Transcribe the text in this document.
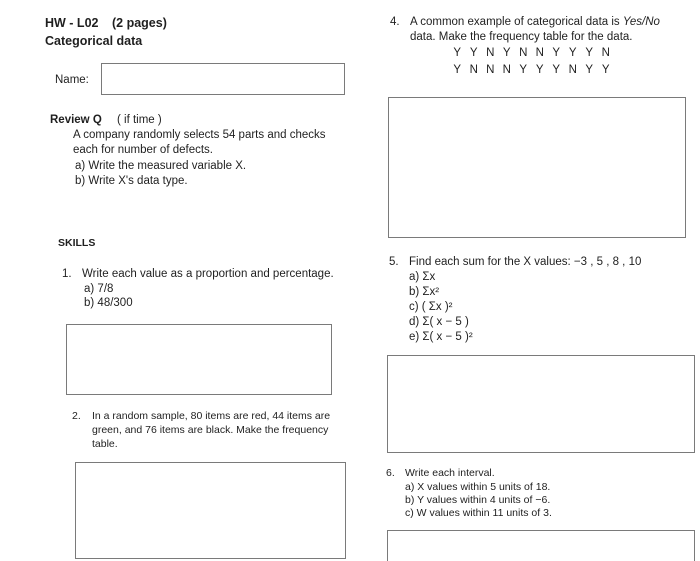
HW - L02 (2 pages)
Categorical data
Name:
Review Q ( if time )
A company randomly selects 54 parts and checks
each for number of defects.
a) Write the measured variable X.
b) Write X's data type.
SKILLS
1. Write each value as a proportion and percentage.
a) 7/8
b) 48/300
2. In a random sample, 80 items are red, 44 items are
green, and 76 items are black. Make the frequency
table.
4. A common example of categorical data is Yes/No
data. Make the frequency table for the data.
Y Y N Y N N Y Y Y N
Y N N N Y Y Y N Y Y
5. Find each sum for the X values: −3 , 5 , 8 , 10
a) Σx
b) Σx²
c) ( Σx )²
d) Σ( x − 5 )
e) Σ( x − 5 )²
6. Write each interval.
a) X values within 5 units of 18.
b) Y values within 4 units of −6.
c) W values within 11 units of 3.
